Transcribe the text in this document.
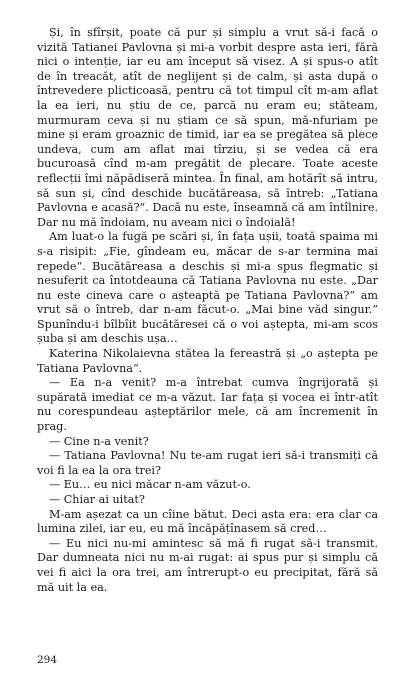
Și, în sfîrșit, poate că pur și simplu a vrut să-i facă o vizită Tatianei Pavlovna și mi-a vorbit despre asta ieri, fără nici o intenție, iar eu am început să visez. A și spus-o atît de în treacăt, atît de neglijent și de calm, și asta după o întrevedere plicticoasă, pentru că tot timpul cît m-am aflat la ea ieri, nu știu de ce, parcă nu eram eu; stăteam, murmuram ceva și nu știam ce să spun, mă-nfuriam pe mine și eram groaznic de timid, iar ea se pregătea să plece undeva, cum am aflat mai tîrziu, și se vedea că era bucuroasă cînd m-am pregătit de plecare. Toate aceste reflecții îmi năpădiseră mintea. În final, am hotărît să intru, să sun și, cînd deschide bucătăreasa, să întreb: „Tatiana Pavlovna e acasă?“. Dacă nu este, înseamnă că am întîlnire. Dar nu mă îndoiam, nu aveam nici o îndoială!

Am luat-o la fugă pe scări și, în fața ușii, toată spaima mi s-a risipit: „Fie, gîndeam eu, măcar de s-ar termina mai repede“. Bucătăreasa a deschis și mi-a spus flegmatic și nesuferit ca întotdeauna că Tatiana Pavlovna nu este. „Dar nu este cineva care o așteaptă pe Tatiana Pavlovna?“ am vrut să o întreb, dar n-am făcut-o. „Mai bine văd singur.“ Spunîndu-i bîlbîit bucătăresei că o voi aștepta, mi-am scos șuba și am deschis ușa…

Katerina Nikolaievna stătea la fereastră și „o aștepta pe Tatiana Pavlovna“.

— Ea n-a venit? m-a întrebat cumva îngrijorată și supărată imediat ce m-a văzut. Iar fața și vocea ei într-atît nu corespundeau așteptărilor mele, că am încremenit în prag.

— Cine n-a venit?

— Tatiana Pavlovna! Nu te-am rugat ieri să-i transmiți că voi fi la ea la ora trei?

— Eu… eu nici măcar n-am văzut-o.

— Chiar ai uitat?

M-am așezat ca un cîine bătut. Deci asta era: era clar ca lumina zilei, iar eu, eu mă încăpățînasem să cred…

— Eu nici nu-mi amintesc să mă fi rugat să-i transmit. Dar dumneata nici nu m-ai rugat: ai spus pur și simplu că vei fi aici la ora trei, am întrerupt-o eu precipitat, fără să mă uit la ea.

294
